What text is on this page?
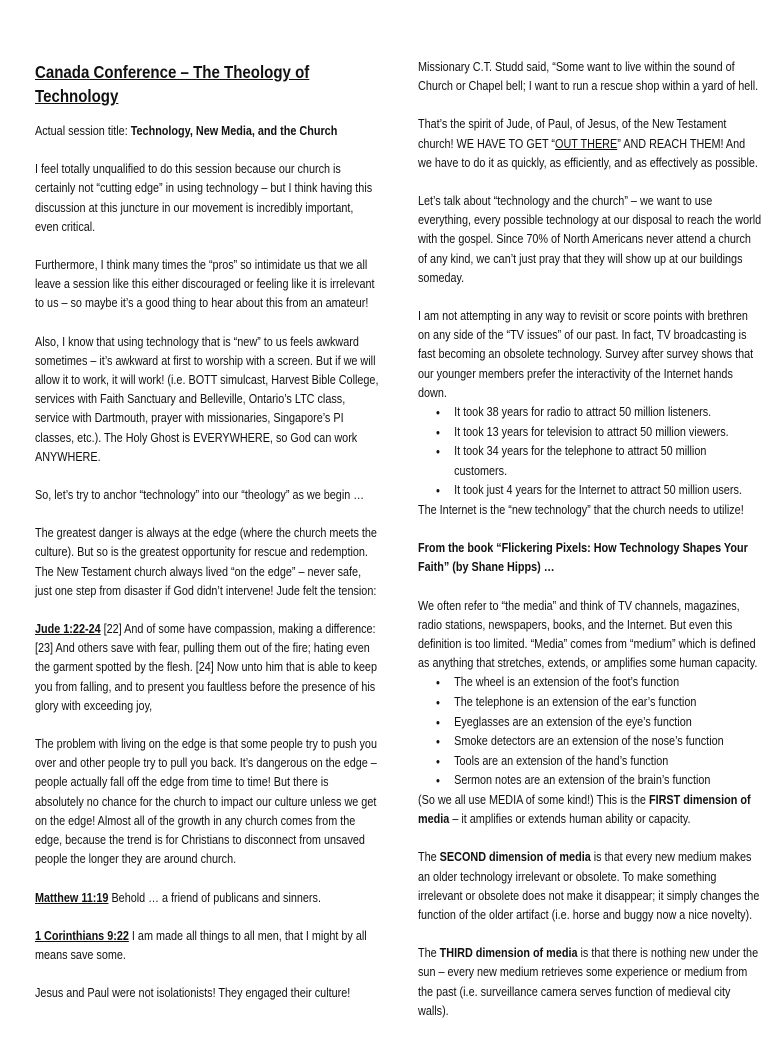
Canada Conference – The Theology of Technology

Actual session title: Technology, New Media, and the Church

I feel totally unqualified to do this session because our church is certainly not “cutting edge” in using technology – but I think having this discussion at this juncture in our movement is incredibly important, even critical.

Furthermore, I think many times the “pros” so intimidate us that we all leave a session like this either discouraged or feeling like it is irrelevant to us – so maybe it’s a good thing to hear about this from an amateur!

Also, I know that using technology that is “new” to us feels awkward sometimes – it’s awkward at first to worship with a screen. But if we will allow it to work, it will work! (i.e. BOTT simulcast, Harvest Bible College, services with Faith Sanctuary and Belleville, Ontario’s LTC class, service with Dartmouth, prayer with missionaries, Singapore’s PI classes, etc.). The Holy Ghost is EVERYWHERE, so God can work ANYWHERE.

So, let’s try to anchor “technology” into our “theology” as we begin …

The greatest danger is always at the edge (where the church meets the culture). But so is the greatest opportunity for rescue and redemption. The New Testament church always lived “on the edge” – never safe, just one step from disaster if God didn’t intervene! Jude felt the tension:

Jude 1:22-24 [22] And of some have compassion, making a difference: [23] And others save with fear, pulling them out of the fire; hating even the garment spotted by the flesh. [24] Now unto him that is able to keep you from falling, and to present you faultless before the presence of his glory with exceeding joy,

The problem with living on the edge is that some people try to push you over and other people try to pull you back. It’s dangerous on the edge – people actually fall off the edge from time to time! But there is absolutely no chance for the church to impact our culture unless we get on the edge! Almost all of the growth in any church comes from the edge, because the trend is for Christians to disconnect from unsaved people the longer they are around church.

Matthew 11:19 Behold … a friend of publicans and sinners.

1 Corinthians 9:22 I am made all things to all men, that I might by all means save some.

Jesus and Paul were not isolationists! They engaged their culture!

Missionary C.T. Studd said, “Some want to live within the sound of Church or Chapel bell; I want to run a rescue shop within a yard of hell.

That’s the spirit of Jude, of Paul, of Jesus, of the New Testament church! WE HAVE TO GET “OUT THERE” AND REACH THEM! And we have to do it as quickly, as efficiently, and as effectively as possible.

Let’s talk about “technology and the church” – we want to use everything, every possible technology at our disposal to reach the world with the gospel. Since 70% of North Americans never attend a church of any kind, we can’t just pray that they will show up at our buildings someday.

I am not attempting in any way to revisit or score points with brethren on any side of the “TV issues” of our past. In fact, TV broadcasting is fast becoming an obsolete technology. Survey after survey shows that our younger members prefer the interactivity of the Internet hands down.

• It took 38 years for radio to attract 50 million listeners.
• It took 13 years for television to attract 50 million viewers.
• It took 34 years for the telephone to attract 50 million customers.
• It took just 4 years for the Internet to attract 50 million users.

The Internet is the “new technology” that the church needs to utilize!

From the book “Flickering Pixels: How Technology Shapes Your Faith” (by Shane Hipps) …

We often refer to “the media” and think of TV channels, magazines, radio stations, newspapers, books, and the Internet. But even this definition is too limited. “Media” comes from “medium” which is defined as anything that stretches, extends, or amplifies some human capacity.

• The wheel is an extension of the foot’s function
• The telephone is an extension of the ear’s function
• Eyeglasses are an extension of the eye’s function
• Smoke detectors are an extension of the nose’s function
• Tools are an extension of the hand’s function
• Sermon notes are an extension of the brain’s function

(So we all use MEDIA of some kind!) This is the FIRST dimension of media – it amplifies or extends human ability or capacity.

The SECOND dimension of media is that every new medium makes an older technology irrelevant or obsolete. To make something irrelevant or obsolete does not make it disappear; it simply changes the function of the older artifact (i.e. horse and buggy now a nice novelty).

The THIRD dimension of media is that there is nothing new under the sun – every new medium retrieves some experience or medium from the past (i.e. surveillance camera serves function of medieval city walls).
